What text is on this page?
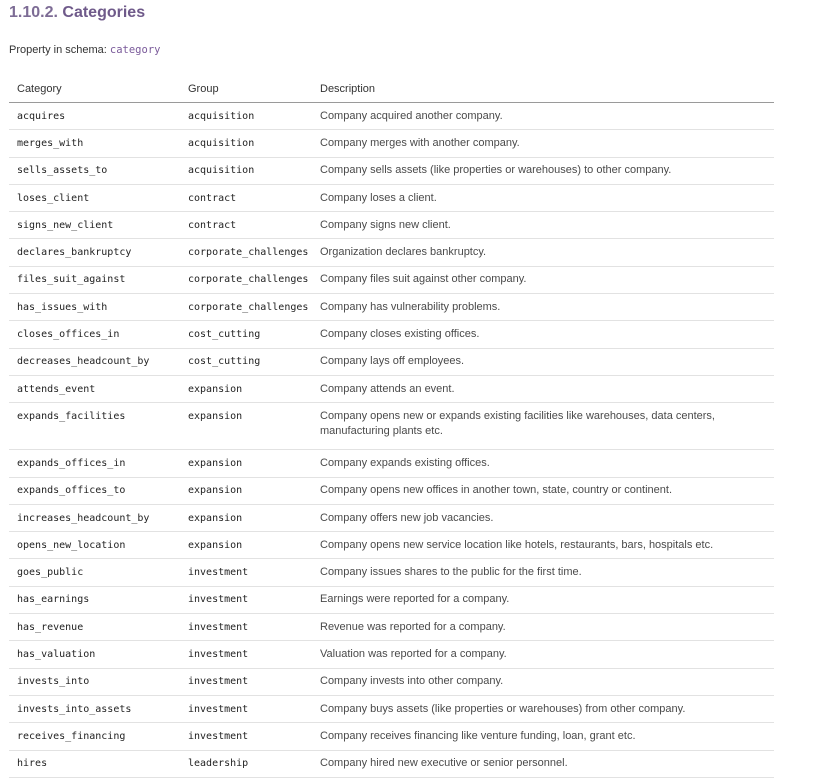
1.10.2. Categories
Property in schema: category
Category	Group	Description
acquires	acquisition	Company acquired another company.
merges_with	acquisition	Company merges with another company.
sells_assets_to	acquisition	Company sells assets (like properties or warehouses) to other company.
loses_client	contract	Company loses a client.
signs_new_client	contract	Company signs new client.
declares_bankruptcy	corporate_challenges	Organization declares bankruptcy.
files_suit_against	corporate_challenges	Company files suit against other company.
has_issues_with	corporate_challenges	Company has vulnerability problems.
closes_offices_in	cost_cutting	Company closes existing offices.
decreases_headcount_by	cost_cutting	Company lays off employees.
attends_event	expansion	Company attends an event.
expands_facilities	expansion	Company opens new or expands existing facilities like warehouses, data centers, manufacturing plants etc.
expands_offices_in	expansion	Company expands existing offices.
expands_offices_to	expansion	Company opens new offices in another town, state, country or continent.
increases_headcount_by	expansion	Company offers new job vacancies.
opens_new_location	expansion	Company opens new service location like hotels, restaurants, bars, hospitals etc.
goes_public	investment	Company issues shares to the public for the first time.
has_earnings	investment	Earnings were reported for a company.
has_revenue	investment	Revenue was reported for a company.
has_valuation	investment	Valuation was reported for a company.
invests_into	investment	Company invests into other company.
invests_into_assets	investment	Company buys assets (like properties or warehouses) from other company.
receives_financing	investment	Company receives financing like venture funding, loan, grant etc.
hires	leadership	Company hired new executive or senior personnel.
